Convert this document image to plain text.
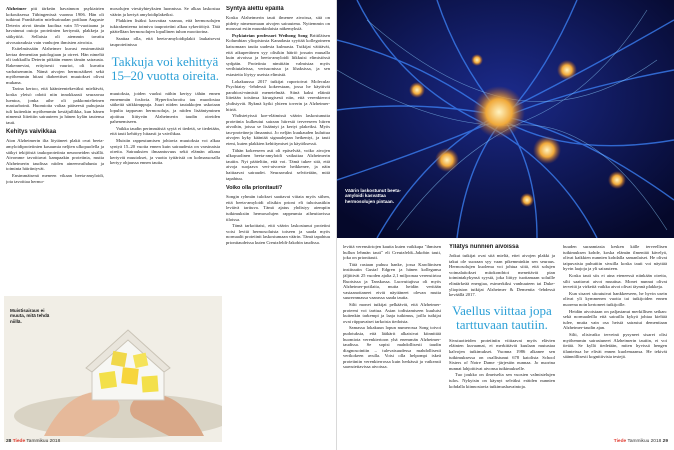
Alzheimer piti tärkeän havainnon psykiatrien kokouksessa Tübingenissä vuonna 1906. Hän oli tutkinut Frankfurtin mielisairaalan potilaan Auguste Deterin aivot tämän kuoltua vain 55-vuotiaana ja havainnut outoja proteiinien kertymiä, plakkeja ja säikyttöä. Sellaisia oli aiemmin tavattu aivosairauksia vain vanhojen ihmisten aivoista.

Esitelmässään Alzheimer kuvasi ensimmäistä kertaa dementian patologiaan ja oireet. Hän nimeltä oli tarkkaillu Deterin pitkään ennen tämän sairausta. Rakenneviat, erityisesti vauriot, oli kuvattu varhaisemmin. Nämä aivojen hermosäikeet sekä myöhemmin hitaat diabeettiset muutokset olivat mukana.

Tarina kertoo, että käänteentekeväksi mieltävät, koska yleisö odotti niin innokkaasti seuraavaa luentoa, jonka aihe oli pakkomielteinen masturbointi. Huomioita valtaa pääseesti puhujasta tuli kuitenkin myöhemmin kestäjullikka, kun hänen nimensä liitettiin sairauteen ja hänen kylän tautensa tauti.

Kehitys vaivikkaa

Aion Alzheimerin ilta löytäneet plakit ovat beeta-amyloidiproteiinien kasaumia neljien ulkopuolella ja säikyt tekijöistä taukoproteiinia neuroneiden sisällä. Aivomme tavoittavat kampaakin proteiinia, mutta Alzheimerin taudissa niiden aineenvaihdunta ja toiminta häiriintyvät.

Ensimmäisenä meneen vikaan beeta-amyloidi, jota tavoittaa hermo-

mosolujen viestiyhteyksien luonnissa. Se alkaa laskostua väärin ja kertyä amyloidiplakeiksi.

Plakkien lisäksi kasvattaa vaanaa, että hermosolujen tukirakenteena toimiva tauproteiini alkaa sykertöityä. Tätä päätelläan hermosolujen lopullinen tuhon moottorina.

Saattaa olla, että beeta-amyloidiplakit laukaisevat tauproteiinissa

Takkuja voi kehittyä 15–20 vuotta oireita.

muutoksia, joiden vuoksi niihin kertyy tähän ennen ennemmän fosforia. Hyperfosforoitu tau muodostaa säikeitä säikkimppuja. Juuri niiden tautakkojen uskotaan lopulta tappavan hermosoluja, ja niiden lisääntyminen ajoittuu liittyvän Alzheimerin taudin oireiden pahenemiseen.

Vaikka taudin perimmäistä syytä ei tiedetä, se tiedetään, että tauti kehittyy hitaasti ja vaivihkaa.

Muistin rappeutumisen johtavia muutoksia voi alkaa syntyä 15–20 vuotta ennen kuin sairaudesta on varsinaisia oireita. Sairauksien ilmaantuvuus sekä elämän aikana kertyvät muutokset, ja vuotta tyttäristä on kolmassosalla kertyy ohjaussa ennen tautia.

Syntyä alettu epäillä

Koska Alzheimerin tauti ilmenee aivoissa, sitä on pidetty nimenomaan aivojen sairautena. Nyttemmin on moussut esiin muunkinlaisia näkemyksiä.

Psykiatrian professori Weihong Song Brittiläisen Kolumbian yliopistosta Kanadasta syyttää kollegoineen katsomaan tautia uudesta kulmasta. Tutkijat väittävät, että aikuperäinen syy olisikin häiriö jossain muualla kuin aivoissa ja beeta-amyloidi liikkuisi elimistössä sydpäin. Proteiinia nimittäin valmistaa myös verihiutaleissa, verisuonissa ja lihaksissa, ja sen esiasteita löytyy useista elimistä.

Lokakuussa 2017 tutkijat raportoivat Molecular Psychiatry -lehdessä kokeestaan, jossa he käyttivät parabiosi-nimistä menetelmää. Siinä kaksi eläintä liitetään toisiinsa kirurgisesti niin, että verenkierrot yhdistyvät. Rykmä kytki yhteen toverin ja Alzheimer-hiiriä.

Yhdistetyissä koe-eläimissä väärin laskostunutta proteiinia kulkeutui sairaan hiirestä terveeseen hiiren aivoihin, joissa se lisääntyi ja kertyi plakeiksi. Myös tau-proteiineja ilmaantui. Jo neljän kuukauden kuluttua aivojen kyky kääntää signaalejaan heikentyi, ja tauti eteni, kuten plakkien kehittymiset ja käytöksessä.

Tähän kokeeseen asti oli epäselvää, voiko aivojen ulkopuolinen beeta-amyloidi vaikuttaa Alzheimerin tautiin. Nyt pääteltiin, että voi. Tämä tukee sitä, että aivoja suojaava veri-aivoeste heikkenee, ja näin haittaavat sairaudet. Seuraavaksi selvitetään, mitä tapahtuu.

Voiko olla prionitauti?

Songin ryhmän tulokset saattavat viitata myös siihen, että beeta-amyloidi olisikin prioni eli tuhoisastikin leviävä tarttuva. Tämä ajatus yhdistyy aiempiin tutkimuksiin hermosolujen rappeumia aiheuttavissa tiloissa.

Tämä tarkoittaisi, että väärin laskostunut proteiini voisi levitä hermosoluista toiseen ja saada myös normaalit proteiinit laskostumaan väärin. Tämä tapahtuu prionitaudeissa kuten Creutzfeldt-Jakobin taudissa.

Muistisairaus ei muuta, mitä tehdä niillä.
28 Tiede Tammikuu 2018
Väärin laskostunut beeta-amyloidi kasvattaa hermosolujen pintaan.

levittä verensiirtojen kautta kuten vaikkapa "ihmisen hullun lehmän tauti" eli Creutzfeldt–Jakobin tauti, joka on prionitauti.

Tätä rastaan puhuu hanke, jossa Karoliinisen instituutin Gustaf Edgren ja hänen kollegansa jäljittivät 25 vuoden ajalta 2,1 miljoonaa verensiirtoa Ruotsissa ja Tanskassa. Luovuttajissa oli myös Alzheimer-potilaita, mutta heidän veritään vastaanottaneet eivät näyttäneet olevan mutta suurernmassa vaarassa saada tautia.

Silti monet tutkijat pelkäävät, että Alzheimer-proteeni voi tarttua. Asian todistamiseen kuuluisi kuitenkin tarkempi ja laaja tutkimus, joilla tutkijat ovat riippuvaiset tarkoista tiedoista.

Samassa lokakuun lopun numerossa Song toivoi pudotuksia, että lääkärit alkaisivat kiinnittää huomiota verenkiertoon yhä enemmän Alzheimer-taudissa. Se sopisi mahdollisesti taudin diagnosointiin – tulevaisuudessa mahdollisesti verikokeen avulla. Voisi olla helpompi iskeä proteiiniin verenkierrossa kuin herkässä ja vaikeasti saavutettavissa aivoissa.

Yllätys nunnien aivoissa

Jotkut tutkijat ovat sitä mieltä, ettei aivojen plakki ja takut ole suoraan syy vaan pikemminkin sen seuraus. Hermosolujen kuolema voi johtua siitä, että solujen voimalaitokset mitokondriot menettävät pian toimintakykynsä syystä, joka liittyy tuottamaan soluille elintärkeää energiaa, esimerkiksi vanhuuteen tai Duke-yliopiston tutkijat Alzheimer & Dementia -lehdessä keväällä 2017.

Vaellus viittaa jopa tarttuvaan tautiin.

Sivutuotteiden proteiiniin viittaavat myös elävien eläinten kuvaamat, ei merkittävät kuulaan mutustaa kalvojen tutkimukset. Vuonna 1986 alkanee sen tutkimuksessa on osallistunut 678 katolista School Sisters of Notre Dame -järjestön nunnaa. Jo nuorina nunnat lahjoittivat aivonsa tutkimukselle.

Tuo joukko on ilmeiselta sen vuosien valmistelujen tulos. Nykyisin on käynyt selväksi eräiden nunnien kohdalla kiinnostavia tutkimushavaintoja.

buuden suraamiasia kesken källe terveellisen tutkimuksen kohde, koska elämän ilmentää kävelyä, olivat kaikkien nunnien kohdalla samanlaiset. He olivat taipuvaisia puhuttiin sivuilla koska tauti voi näyttää hyvin laajoja ja yli sairauteen.

Koska tauti siis ei aina eteneessä niinkään oireita, silti saattavat aivot muuttua. Monet nunnat olivat terveitä ja virkeitä vaikka aivot olivat täynnä plakkeja.

Kun sisaret sitoutuivat hankkeeseen, he hyvin usein olivat yli kymmenen vuotta tai tutkijoiden ennen nuorena noin kertoneet tutkijoille.

Heidän aivoistaan on paljastanut merkillisen seikan: sekä normaaleilla että sairailla kykyä johtaa kieltää tulee, mutta vain osa heistä sairastui dementiaan Alzheimer-taudin ajan.

Silti, olisivatko terveinä pysyneet sisaret olisi myöhemmin sairastuneet Alzheimerin tautiin, ei voi tietää. Se kyllä tiedetään, miten hyvissä hengen tilanteissa he elivät ennen kuolemaansa. He tekivät säännöllisesti kognitiivisia testejä.

Tiede Tammikuu 2018 29
